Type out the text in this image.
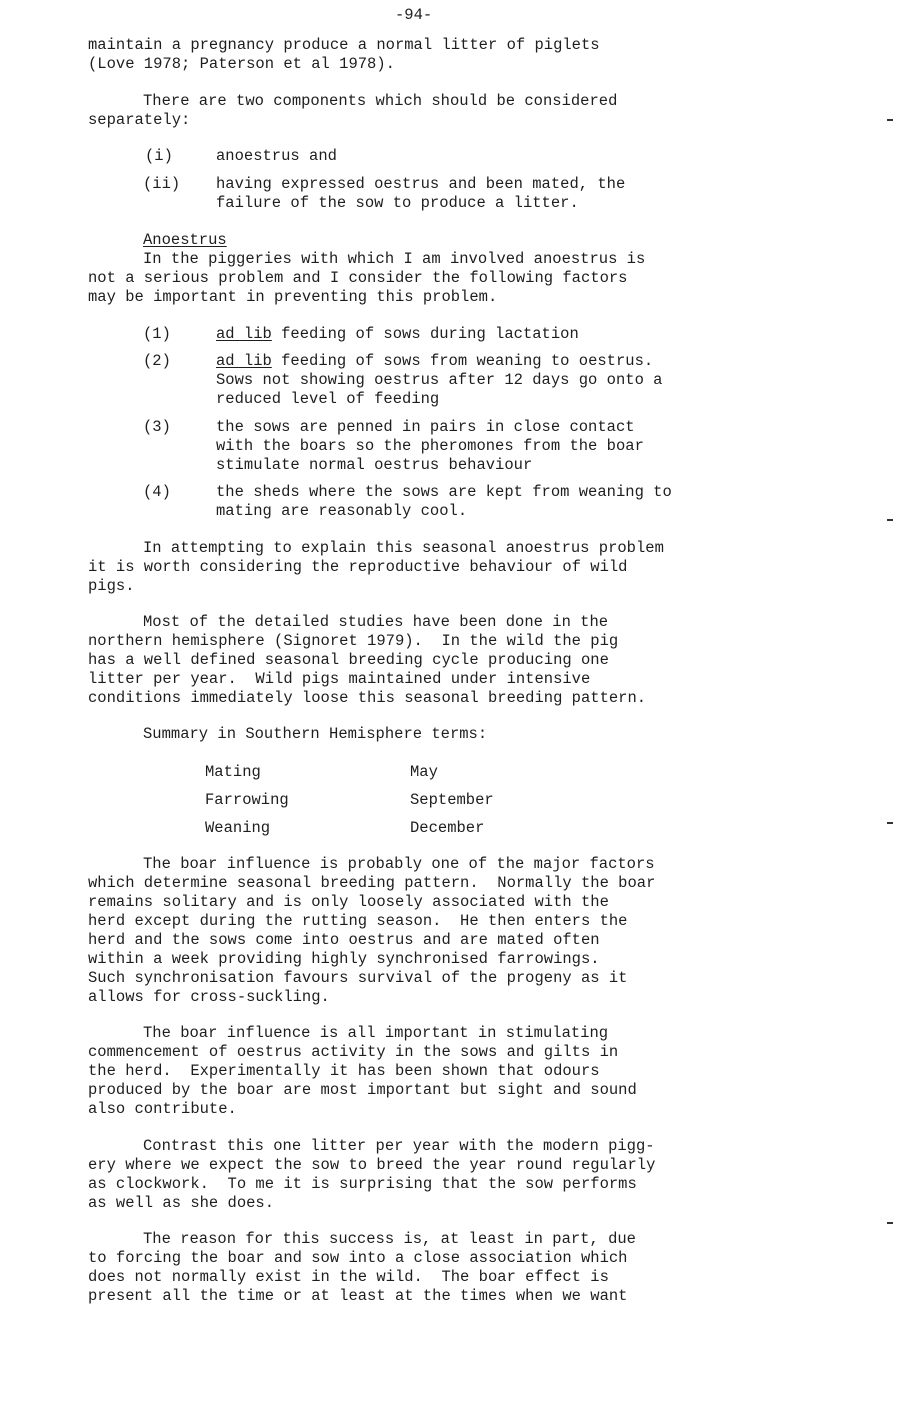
-94-
maintain a pregnancy produce a normal litter of piglets
(Love 1978; Paterson et al 1978).
There are two components which should be considered
separately:
(i)	anoestrus and
(ii) having expressed oestrus and been mated, the
failure of the sow to produce a litter.
Anoestrus
In the piggeries with which I am involved anoestrus is
not a serious problem and I consider the following factors
may be important in preventing this problem.
(1)	ad lib feeding of sows during lactation
(2)	ad lib feeding of sows from weaning to oestrus.
Sows not showing oestrus after 12 days go onto a
reduced level of feeding
(3)	the sows are penned in pairs in close contact
with the boars so the pheromones from the boar
stimulate normal oestrus behaviour
(4)	the sheds where the sows are kept from weaning to
mating are reasonably cool.
In attempting to explain this seasonal anoestrus problem
it is worth considering the reproductive behaviour of wild
pigs.
Most of the detailed studies have been done in the
northern hemisphere (Signoret 1979).  In the wild the pig
has a well defined seasonal breeding cycle producing one
litter per year.  Wild pigs maintained under intensive
conditions immediately loose this seasonal breeding pattern.
Summary in Southern Hemisphere terms:
Mating	May
Farrowing	September
Weaning	December
The boar influence is probably one of the major factors
which determine seasonal breeding pattern.  Normally the boar
remains solitary and is only loosely associated with the
herd except during the rutting season.  He then enters the
herd and the sows come into oestrus and are mated often
within a week providing highly synchronised farrowings.
Such synchronisation favours survival of the progeny as it
allows for cross-suckling.
The boar influence is all important in stimulating
commencement of oestrus activity in the sows and gilts in
the herd.  Experimentally it has been shown that odours
produced by the boar are most important but sight and sound
also contribute.
Contrast this one litter per year with the modern pigg-
ery where we expect the sow to breed the year round regularly
as clockwork.  To me it is surprising that the sow performs
as well as she does.
The reason for this success is, at least in part, due
to forcing the boar and sow into a close association which
does not normally exist in the wild.  The boar effect is
present all the time or at least at the times when we want
